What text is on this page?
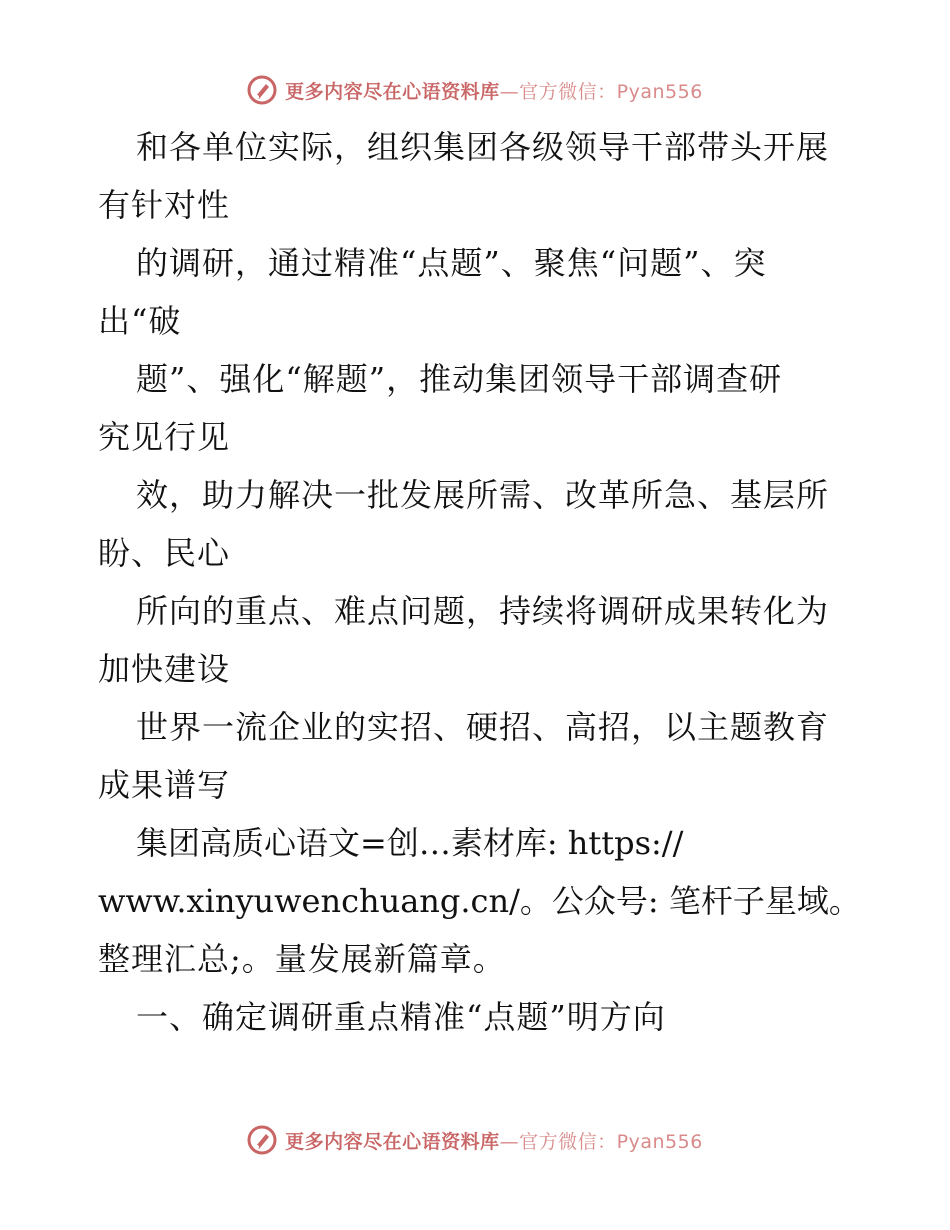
更多内容尽在心语资料库—官方微信：Pyan556

和各单位实际，组织集团各级领导干部带头开展

有针对性

的调研，通过精准“点题”、聚焦“问题”、突

出“破

题”、强化“解题”，推动集团领导干部调查研

究见行见

效，助力解决一批发展所需、改革所急、基层所

盼、民心

所向的重点、难点问题，持续将调研成果转化为

加快建设

世界一流企业的实招、硬招、高招，以主题教育

成果谱写

集团高质心语文=创…素材库: https://

www.xinyuwenchuang.cn/。公众号: 笔杆子星域。

整理汇总;。量发展新篇章。

一、确定调研重点精准“点题”明方向

更多内容尽在心语资料库—官方微信：Pyan556
